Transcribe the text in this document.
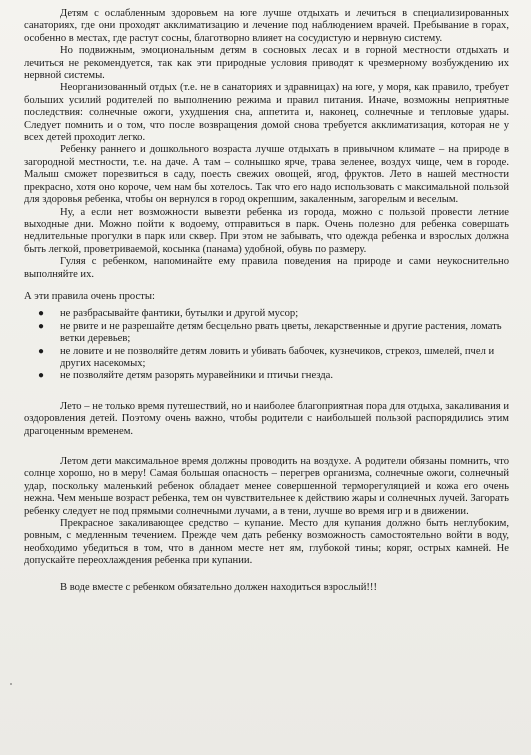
Детям с ослабленным здоровьем на юге лучше отдыхать и лечиться в специализированных санаториях, где они проходят акклиматизацию и лечение под наблюдением врачей. Пребывание в горах, особенно в местах, где растут сосны, благотворно влияет на сосудистую и нервную систему.

Но подвижным, эмоциональным детям в сосновых лесах и в горной местности отдыхать и лечиться не рекомендуется, так как эти природные условия приводят к чрезмерному возбуждению их нервной системы.

Неорганизованный отдых (т.е. не в санаториях и здравницах) на юге, у моря, как правило, требует больших усилий родителей по выполнению режима и правил питания. Иначе, возможны неприятные последствия: солнечные ожоги, ухудшения сна, аппетита и, наконец, солнечные и тепловые удары. Следует помнить и о том, что после возвращения домой снова требуется акклиматизация, которая не у всех детей проходит легко.

Ребенку раннего и дошкольного возраста лучше отдыхать в привычном климате – на природе в загородной местности, т.е. на даче. А там – солнышко ярче, трава зеленее, воздух чище, чем в городе. Малыш сможет порезвиться в саду, поесть свежих овощей, ягод, фруктов. Лето в нашей местности прекрасно, хотя оно короче, чем нам бы хотелось. Так что его надо использовать с максимальной пользой для здоровья ребенка, чтобы он вернулся в город окрепшим, закаленным, загорелым и веселым.

Ну, а если нет возможности вывезти ребенка из города, можно с пользой провести летние выходные дни. Можно пойти к водоему, отправиться в парк. Очень полезно для ребенка совершать недлительные прогулки в парк или сквер. При этом не забывать, что одежда ребенка и взрослых должна быть легкой, проветриваемой, косынка (панама) удобной, обувь по размеру.

Гуляя с ребенком, напоминайте ему правила поведения на природе и сами неукоснительно выполняйте их.

А эти правила очень просты:

● не разбрасывайте фантики, бутылки и другой мусор;
● не рвите и не разрешайте детям бесцельно рвать цветы, лекарственные и другие растения, ломать ветки деревьев;
● не ловите и не позволяйте детям ловить и убивать бабочек, кузнечиков, стрекоз, шмелей, пчел и других насекомых;
● не позволяйте детям разорять муравейники и птичьи гнезда.

Лето – не только время путешествий, но и наиболее благоприятная пора для отдыха, закаливания и оздоровления детей. Поэтому очень важно, чтобы родители с наибольшей пользой распорядились этим драгоценным временем.

Летом дети максимальное время должны проводить на воздухе. А родители обязаны помнить, что солнце хорошо, но в меру! Самая большая опасность – перегрев организма, солнечные ожоги, солнечный удар, поскольку маленький ребенок обладает менее совершенной терморегуляцией и кожа его очень нежна. Чем меньше возраст ребенка, тем он чувствительнее к действию жары и солнечных лучей. Загорать ребенку следует не под прямыми солнечными лучами, а в тени, лучше во время игр и в движении.

Прекрасное закаливающее средство – купание. Место для купания должно быть неглубоким, ровным, с медленным течением. Прежде чем дать ребенку возможность самостоятельно войти в воду, необходимо убедиться в том, что в данном месте нет ям, глубокой тины; коряг, острых камней. Не допускайте переохлаждения ребенка при купании.

В воде вместе с ребенком обязательно должен находиться взрослый!!!
